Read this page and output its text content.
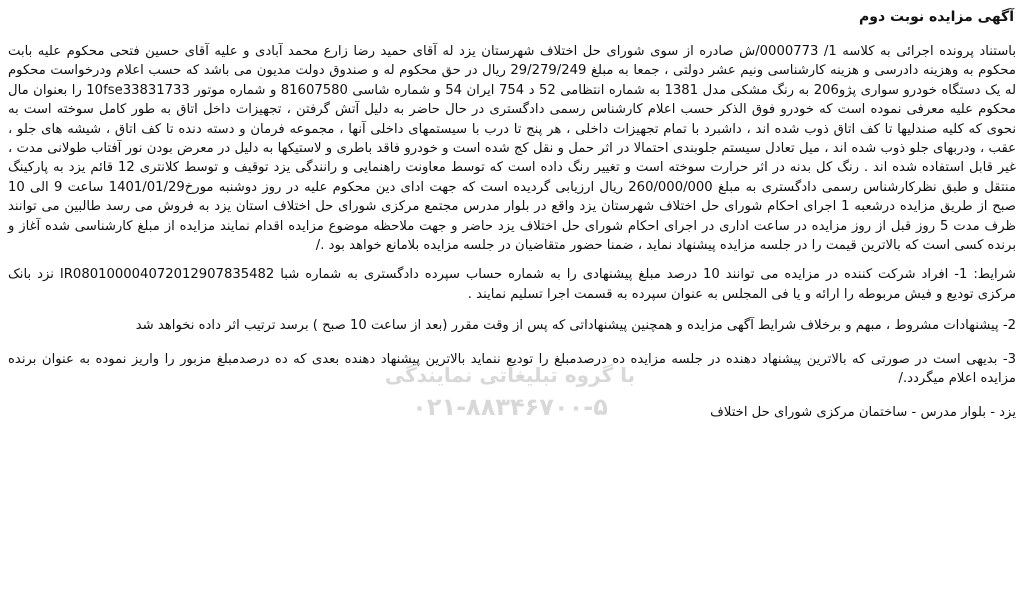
آگهی مزایده نوبت دوم

باستناد پرونده اجرائی به کلاسه 1/ 0000773/ش صادره از سوی شورای حل اختلاف شهرستان یزد له آقای حمید رضا زارع محمد آبادی و علیه آقای حسین فتحی محکوم علیه بابت محکوم به وهزینه دادرسی و هزینه کارشناسی ونیم عشر دولتی ، جمعا به مبلغ 29/279/249 ریال در حق محکوم له و صندوق دولت مدیون می باشد که حسب اعلام ودرخواست محکوم له یک دستگاه خودرو سواری پژو206 به رنگ مشکی مدل 1381 به شماره انتظامی 52 د 754 ایران 54 و شماره شاسی 81607580 و شماره موتور 10fse33831733 را بعنوان مال محکوم علیه معرفی نموده است که خودرو فوق الذکر حسب اعلام کارشناس رسمی دادگستری در حال حاضر به دلیل آتش گرفتن ، تجهیزات داخل اتاق به طور کامل سوخته است به نحوی که کلیه صندلیها تا کف اتاق ذوب شده اند ، داشبرد با تمام تجهیزات داخلی ، هر پنج تا درب با سیستمهای داخلی آنها ، مجموعه فرمان و دسته دنده تا کف اتاق ، شیشه های جلو ، عقب ، ودربهای جلو ذوب شده اند ، میل تعادل سیستم جلوبندی احتمالا در اثر حمل و نقل کج شده است و خودرو فاقد باطری و لاستیکها به دلیل در معرض بودن نور آفتاب طولانی مدت ، غیر قابل استفاده شده اند . رنگ کل بدنه در اثر حرارت سوخته است و تغییر رنگ داده است که توسط معاونت راهنمایی و رانندگی یزد توقیف و توسط کلانتری 12 قائم یزد به پارکینگ منتقل و طبق نظرکارشناس رسمی دادگستری به مبلغ 260/000/000 ریال ارزیابی گردیده است که جهت ادای دین محکوم علیه در روز دوشنبه مورخ1401/01/29 ساعت 9 الی 10 صبح از طریق مزایده درشعبه 1 اجرای احکام شورای حل اختلاف شهرستان یزد واقع در بلوار مدرس مجتمع مرکزی شورای حل اختلاف استان یزد به فروش می رسد طالبین می توانند ظرف مدت 5 روز قبل از روز مزایده در ساعت اداری در اجرای احکام شورای حل اختلاف یزد حاضر و جهت ملاحظه موضوع مزایده اقدام نمایند مزایده از مبلغ کارشناسی شده آغاز و برنده کسی است که بالاترین قیمت را در جلسه مزایده پیشنهاد نماید ، ضمنا حضور متقاضیان در جلسه مزایده بلامانع خواهد بود ./

شرایط: 1- افراد شرکت کننده در مزایده می توانند 10 درصد مبلغ پیشنهادی را به شماره حساب سپرده دادگستری به شماره شبا IR080100004072012907835482 نزد بانک مرکزی تودیع و فیش مربوطه را ارائه و یا فی المجلس به عنوان سپرده به قسمت اجرا تسلیم نمایند .

2- پیشنهادات مشروط ، مبهم و برخلاف شرایط آگهی مزایده و همچنین پیشنهاداتی که پس از وقت مقرر (بعد از ساعت 10 صبح ) برسد ترتیب اثر داده نخواهد شد

3- بدیهی است در صورتی که بالاترین پیشنهاد دهنده در جلسه مزایده ده درصدمبلغ را تودیع ننماید بالاترین پیشنهاد دهنده بعدی که ده درصدمبلغ مزبور را واریز نموده به عنوان برنده مزایده اعلام میگردد./

یزد - بلوار مدرس - ساختمان مرکزی شورای حل اختلاف

با گروه تبلیغاتی نمایندگی
۰۲۱-۸۸۳۴۶۷۰۰-۵
